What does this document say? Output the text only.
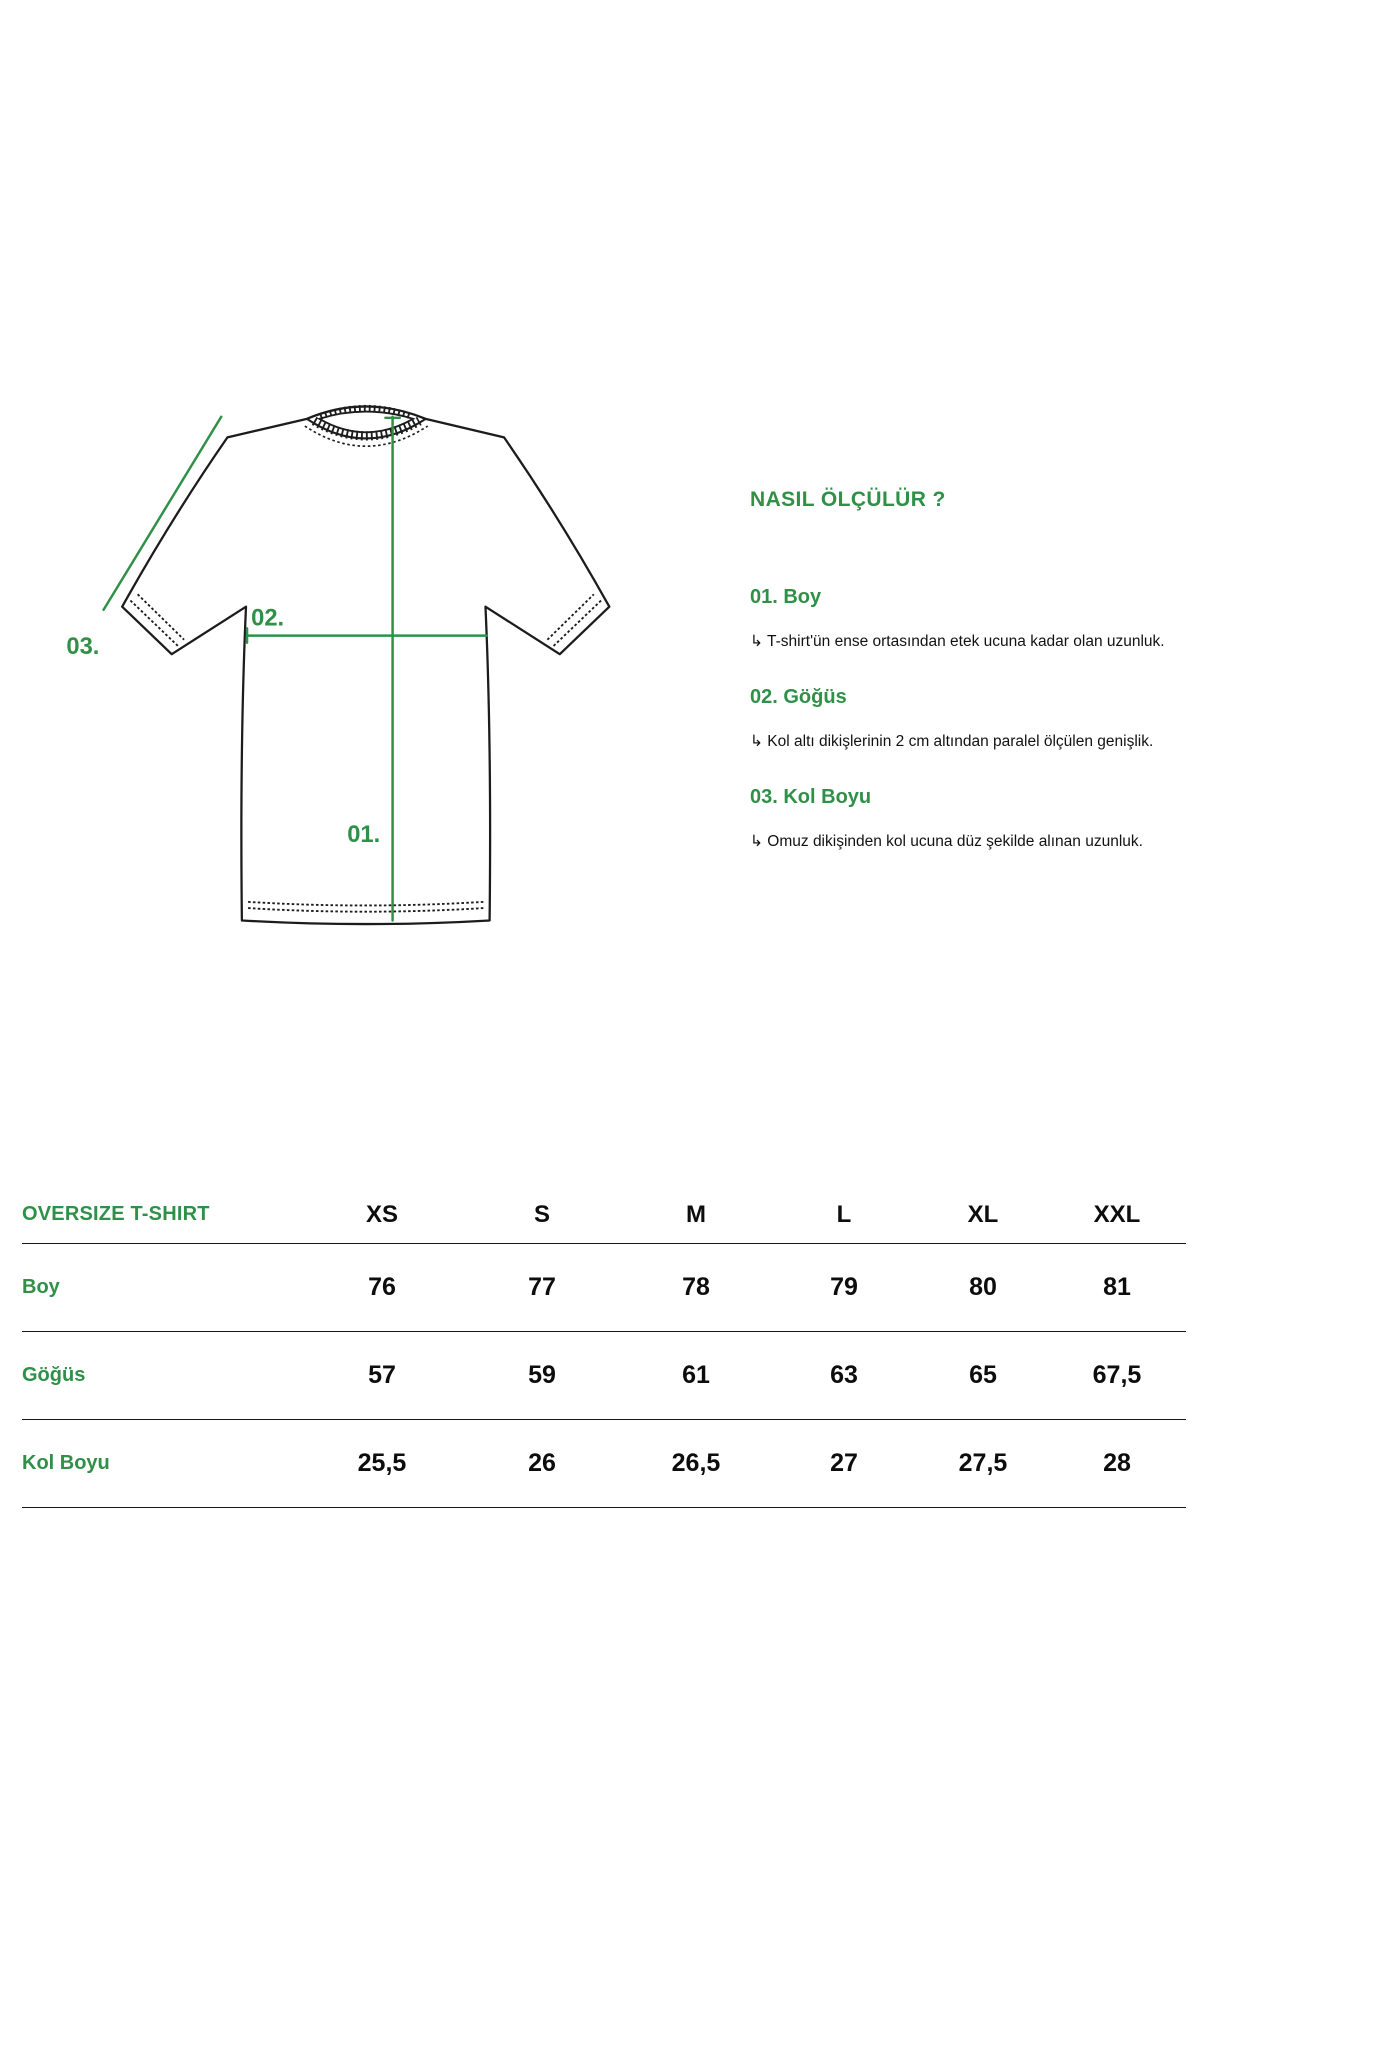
01.
02.
03.
NASIL ÖLÇÜLÜR ?
01. Boy

↳ T-shirt'ün ense ortasından etek ucuna kadar olan uzunluk.

02. Göğüs

↳ Kol altı dikişlerinin 2 cm altından paralel ölçülen genişlik.

03. Kol Boyu

↳ Omuz dikişinden kol ucuna düz şekilde alınan uzunluk.

OVERSIZE T-SHIRT	XS	S	M	L	XL	XXL
Boy	76	77	78	79	80	81
Göğüs	57	59	61	63	65	67,5
Kol Boyu	25,5	26	26,5	27	27,5	28
